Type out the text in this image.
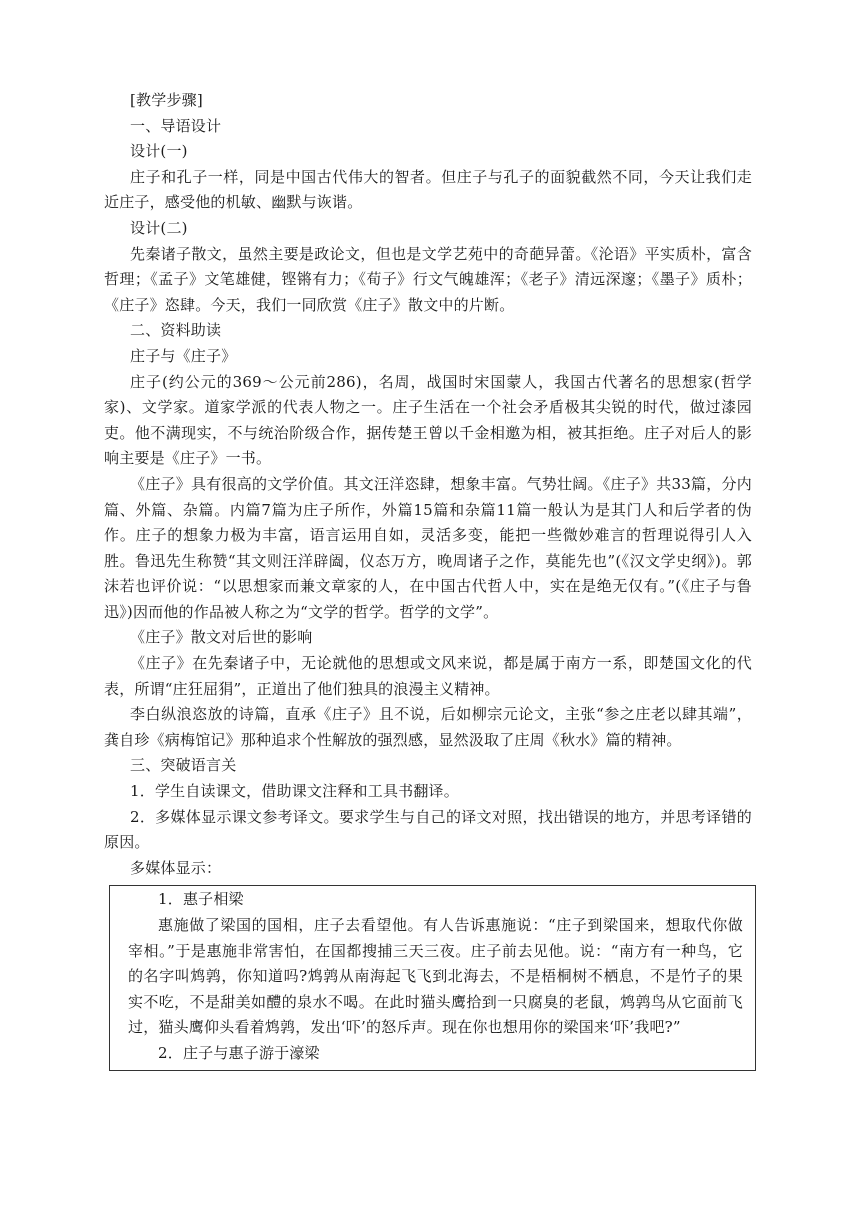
[教学步骤]

一、导语设计

设计(一)

庄子和孔子一样，同是中国古代伟大的智者。但庄子与孔子的面貌截然不同，今天让我们走近庄子，感受他的机敏、幽默与诙谐。

设计(二)

先秦诸子散文，虽然主要是政论文，但也是文学艺苑中的奇葩异蕾。《沦语》平实质朴，富含哲理；《孟子》文笔雄健，铿锵有力；《荀子》行文气魄雄浑；《老子》清远深邃；《墨子》质朴；《庄子》恣肆。今天，我们一同欣赏《庄子》散文中的片断。

二、资料助读

庄子与《庄子》

庄子(约公元的369～公元前286)，名周，战国时宋国蒙人，我国古代著名的思想家(哲学家)、文学家。道家学派的代表人物之一。庄子生活在一个社会矛盾极其尖锐的时代，做过漆园吏。他不满现实，不与统治阶级合作，据传楚王曾以千金相邀为相，被其拒绝。庄子对后人的影响主要是《庄子》一书。

《庄子》具有很高的文学价值。其文汪洋恣肆，想象丰富。气势壮阔。《庄子》共33篇，分内篇、外篇、杂篇。内篇7篇为庄子所作，外篇15篇和杂篇11篇一般认为是其门人和后学者的伪作。庄子的想象力极为丰富，语言运用自如，灵活多变，能把一些微妙难言的哲理说得引人入胜。鲁迅先生称赞“其文则汪洋辟阖，仪态万方，晚周诸子之作，莫能先也”(《汉文学史纲》)。郭沫若也评价说：“以思想家而兼文章家的人，在中国古代哲人中，实在是绝无仅有。”(《庄子与鲁迅》)因而他的作品被人称之为“文学的哲学。哲学的文学”。

《庄子》散文对后世的影响

《庄子》在先秦诸子中，无论就他的思想或文风来说，都是属于南方一系，即楚国文化的代表，所谓“庄狂屈狷”，正道出了他们独具的浪漫主义精神。

李白纵浪恣放的诗篇，直承《庄子》且不说，后如柳宗元论文，主张“参之庄老以肆其端”，龚自珍《病梅馆记》那种追求个性解放的强烈感，显然汲取了庄周《秋水》篇的精神。

三、突破语言关

1．学生自读课文，借助课文注释和工具书翻译。

2．多媒体显示课文参考译文。要求学生与自己的译文对照，找出错误的地方，并思考译错的原因。

多媒体显示：

1．惠子相梁

惠施做了梁国的国相，庄子去看望他。有人告诉惠施说：“庄子到梁国来，想取代你做宰相。”于是惠施非常害怕，在国都搜捕三天三夜。庄子前去见他。说：“南方有一种鸟，它的名字叫鸩鹑，你知道吗?鸩鹑从南海起飞飞到北海去，不是梧桐树不栖息，不是竹子的果实不吃，不是甜美如醴的泉水不喝。在此时猫头鹰拾到一只腐臭的老鼠，鸩鹑鸟从它面前飞过，猫头鹰仰头看着鸩鹑，发出‘吓’的怒斥声。现在你也想用你的梁国来‘吓’我吧?”

2．庄子与惠子游于濠梁
